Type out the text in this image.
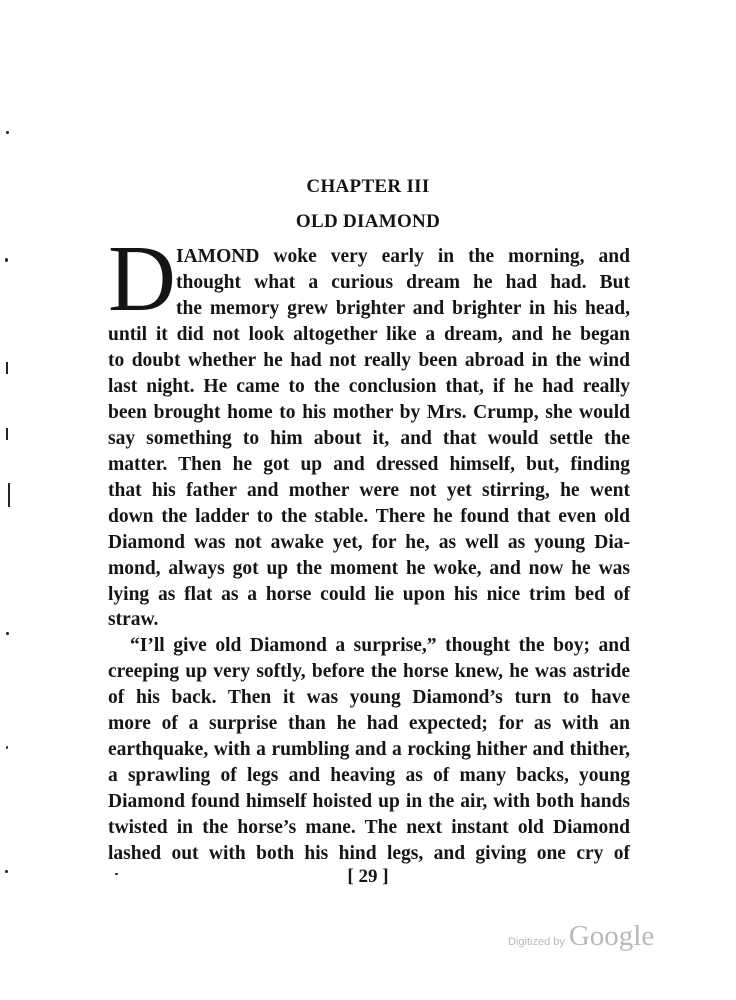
CHAPTER III
OLD DIAMOND
D IAMOND woke very early in the morning, and
thought what a curious dream he had had. But
the memory grew brighter and brighter in his head,
until it did not look altogether like a dream, and he began
to doubt whether he had not really been abroad in the wind
last night. He came to the conclusion that, if he had really
been brought home to his mother by Mrs. Crump, she would
say something to him about it, and that would settle the
matter. Then he got up and dressed himself, but, finding
that his father and mother were not yet stirring, he went
down the ladder to the stable. There he found that even old
Diamond was not awake yet, for he, as well as young Dia-
mond, always got up the moment he woke, and now he was
lying as flat as a horse could lie upon his nice trim bed of
straw.
“I’ll give old Diamond a surprise,” thought the boy; and
creeping up very softly, before the horse knew, he was astride
of his back. Then it was young Diamond’s turn to have
more of a surprise than he had expected; for as with an
earthquake, with a rumbling and a rocking hither and thither,
a sprawling of legs and heaving as of many backs, young
Diamond found himself hoisted up in the air, with both hands
twisted in the horse’s mane. The next instant old Diamond
lashed out with both his hind legs, and giving one cry of
[ 29 ]
Digitized by Google
